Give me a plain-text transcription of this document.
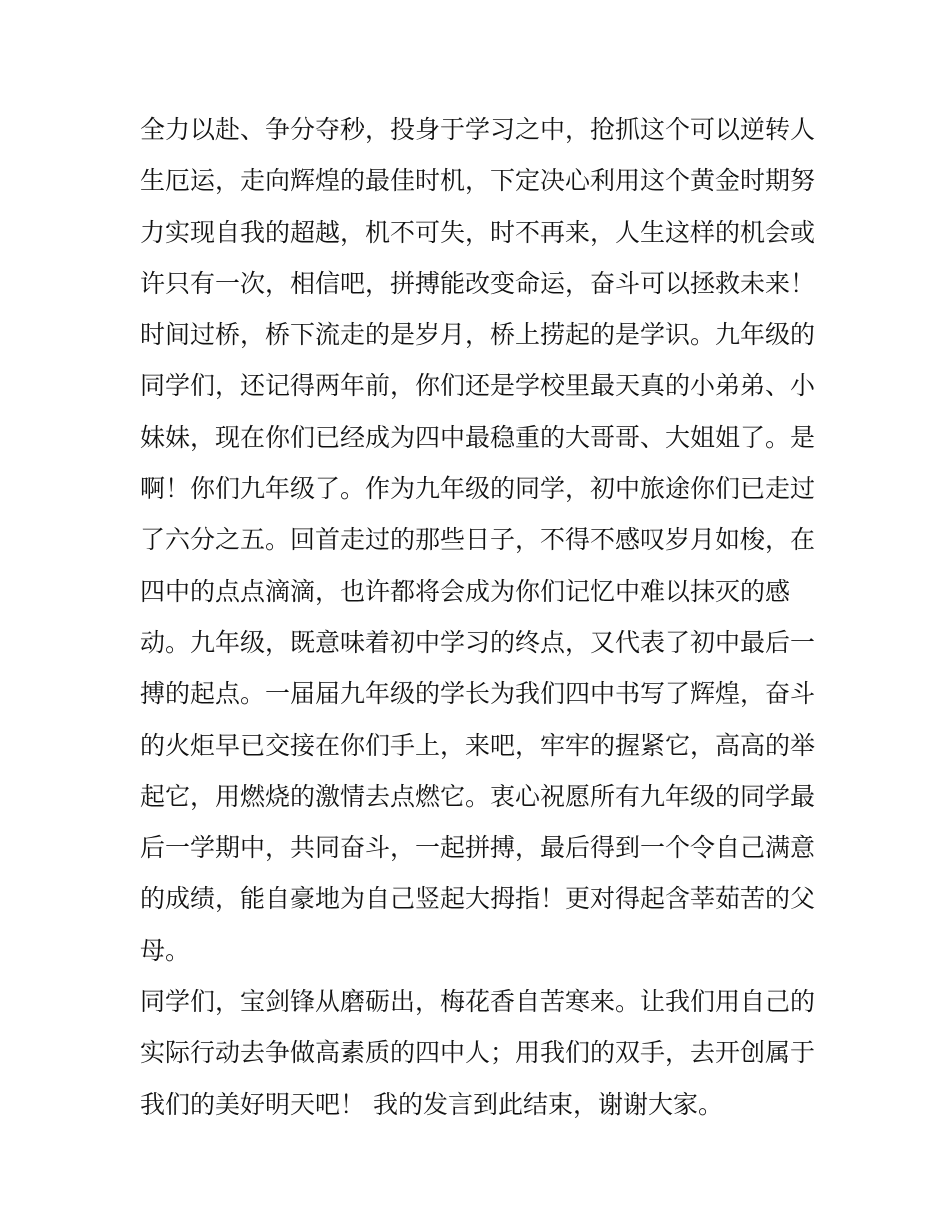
全力以赴、争分夺秒，投身于学习之中，抢抓这个可以逆转人
生厄运，走向辉煌的最佳时机，下定决心利用这个黄金时期努
力实现自我的超越，机不可失，时不再来，人生这样的机会或
许只有一次，相信吧，拼搏能改变命运，奋斗可以拯救未来！
时间过桥，桥下流走的是岁月，桥上捞起的是学识。九年级的
同学们，还记得两年前，你们还是学校里最天真的小弟弟、小
妹妹，现在你们已经成为四中最稳重的大哥哥、大姐姐了。是
啊！你们九年级了。作为九年级的同学，初中旅途你们已走过
了六分之五。回首走过的那些日子，不得不感叹岁月如梭，在
四中的点点滴滴，也许都将会成为你们记忆中难以抹灭的感
动。九年级，既意味着初中学习的终点，又代表了初中最后一
搏的起点。一届届九年级的学长为我们四中书写了辉煌，奋斗
的火炬早已交接在你们手上，来吧，牢牢的握紧它，高高的举
起它，用燃烧的激情去点燃它。衷心祝愿所有九年级的同学最
后一学期中，共同奋斗，一起拼搏，最后得到一个令自己满意
的成绩，能自豪地为自己竖起大拇指！更对得起含莘茹苦的父
母。
同学们，宝剑锋从磨砺出，梅花香自苦寒来。让我们用自己的
实际行动去争做高素质的四中人；用我们的双手，去开创属于
我们的美好明天吧！ 我的发言到此结束，谢谢大家。
